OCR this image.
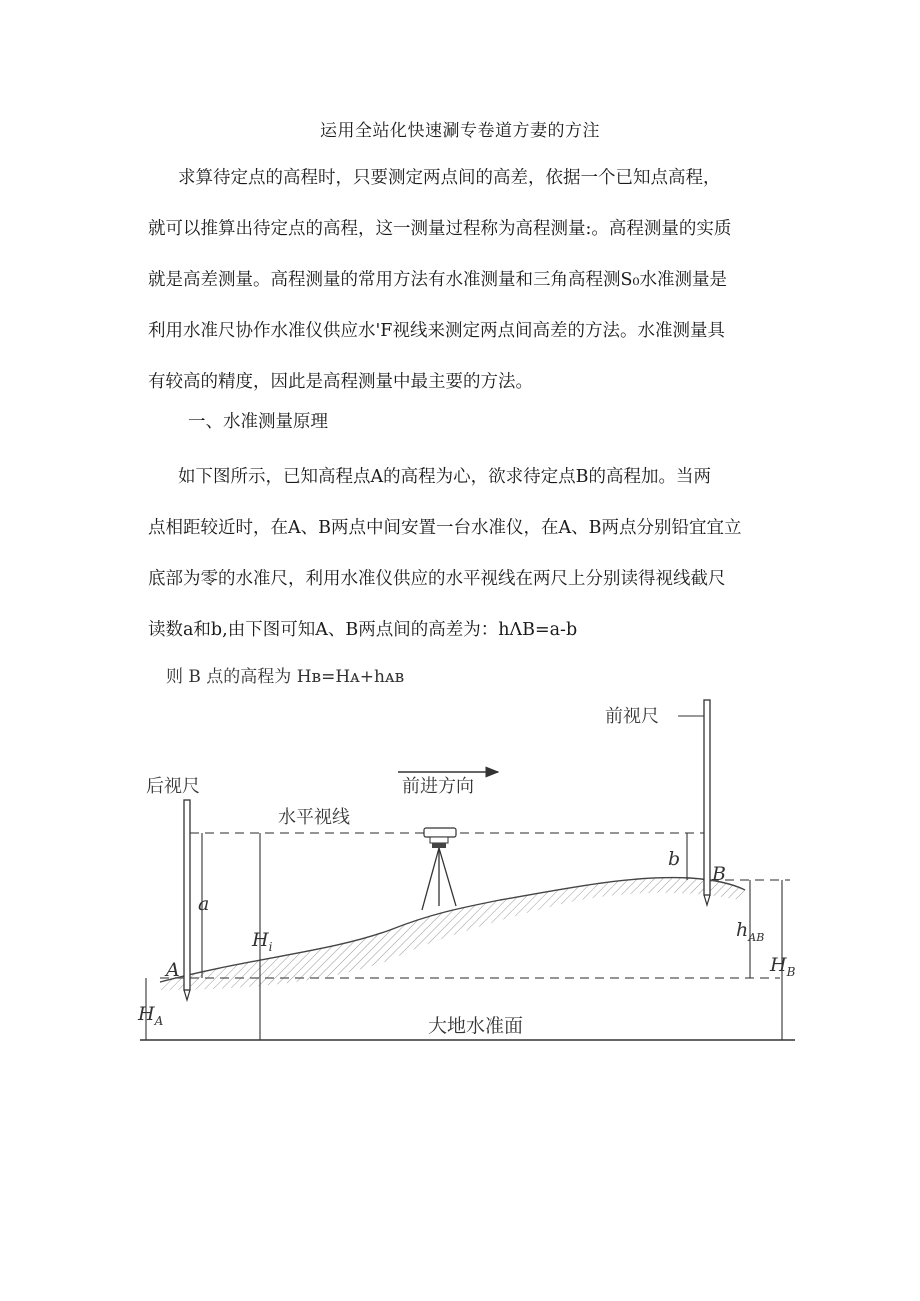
运用全站化快速涮专卷道方妻的方注
求算待定点的高程时，只要测定两点间的高差，依据一个已知点高程，
就可以推算出待定点的高程，这一测量过程称为高程测量:。高程测量的实质
就是高差测量。高程测量的常用方法有水准测量和三角高程测S₀水准测量是
利用水准尺协作水准仪供应水'F视线来测定两点间高差的方法。水准测量具
有较高的精度，因此是高程测量中最主要的方法。
一、水准测量原理
如下图所示，已知高程点A的高程为心，欲求待定点B的高程加。当两
点相距较近时，在A、B两点中间安置一台水准仪，在A、B两点分别铅宜宜立
底部为零的水准尺，利用水准仪供应的水平视线在两尺上分别读得视线截尺
读数a和b,由下图可知A、B两点间的高差为：hΛB=a-b
则 B 点的高程为 Hʙ=Hᴀ+hᴀʙ
大地水准面
水平视线
后视尺
前视尺
前进方向
a
$H_i$
b
$h_{AB}$
$H_B$
$H_A$
A
B
